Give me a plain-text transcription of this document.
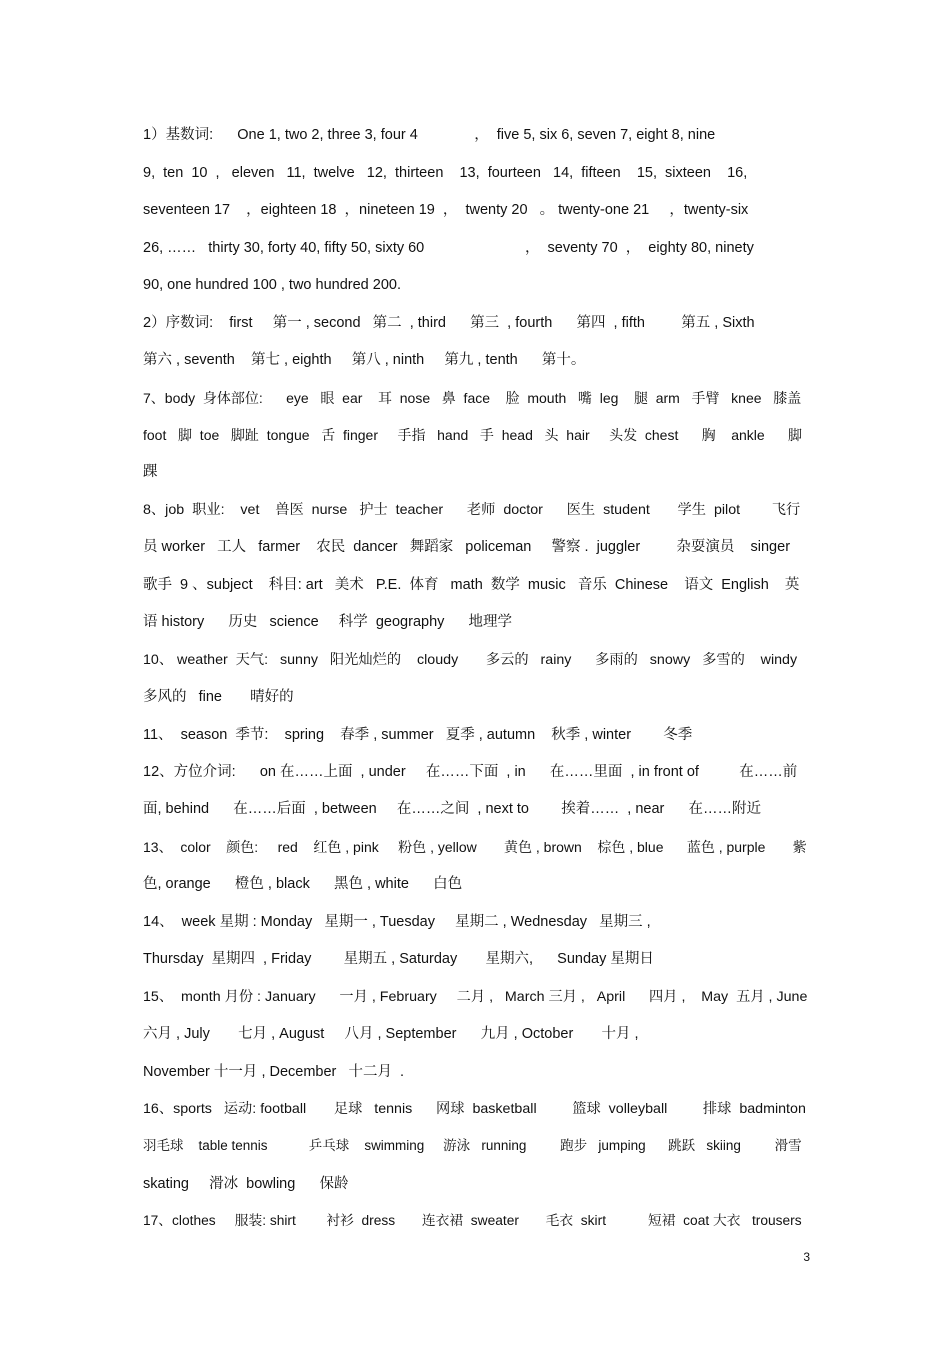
1）基数词:      One 1, two 2, three 3, four 4              ，  five 5, six 6, seven 7, eight 8, nine
9,  ten  10  ,   eleven   11,  twelve   12,  thirteen    13,  fourteen   14,  fifteen    15,  sixteen    16,
seventeen 17    ，eighteen 18  ，nineteen 19  ，  twenty 20   。 twenty-one 21     ，twenty-six
26, ……   thirty 30, forty 40, fifty 50, sixty 60                         ，  seventy 70  ，  eighty 80, ninety
90, one hundred 100 , two hundred 200.
2）序数词:    first     第一 , second   第二  , third      第三  , fourth      第四  , fifth         第五 , Sixth
第六 , seventh    第七 , eighth     第八 , ninth     第九 , tenth      第十。
7、body  身体部位:      eye   眼  ear    耳  nose   鼻  face    脸  mouth   嘴  leg    腿  arm   手臂   knee   膝盖
foot   脚  toe   脚趾  tongue   舌  finger     手指   hand   手  head   头  hair     头发  chest      胸    ankle      脚
踝
8、job  职业:    vet    兽医  nurse   护士  teacher      老师  doctor      医生  student       学生  pilot        飞行
员 worker   工人   farmer    农民  dancer   舞蹈家   policeman     警察 .  juggler         杂耍演员    singer
歌手  9 、subject    科目: art   美术   P.E.  体育   math  数学  music   音乐  Chinese    语文  English    英
语 history      历史   science     科学  geography      地理学
10、 weather  天气:   sunny   阳光灿烂的    cloudy       多云的   rainy      多雨的   snowy   多雪的    windy
多风的   fine       晴好的
11、  season  季节:    spring    春季 , summer   夏季 , autumn    秋季 , winter        冬季
12、方位介词:      on 在……上面  , under     在……下面  , in      在……里面  , in front of          在……前
面, behind      在……后面  , between     在……之间  , next to        挨着……  , near      在……附近
13、  color    颜色:     red    红色 , pink     粉色 , yellow       黄色 , brown    棕色 , blue      蓝色 , purple       紫
色, orange      橙色 , black      黑色 , white      白色
14、  week 星期 : Monday   星期一 , Tuesday     星期二 , Wednesday   星期三 ,
Thursday  星期四  , Friday        星期五 , Saturday       星期六,      Sunday 星期日
15、  month 月份 : January      一月 , February     二月 ,   March 三月 ,   April      四月 ,    May  五月 , June
六月 , July       七月 , August     八月 , September      九月 , October       十月 ,
November 十一月 , December   十二月  .
16、sports   运动: football       足球   tennis      网球  basketball         篮球  volleyball         排球  badminton
羽毛球    table tennis           乒乓球    swimming     游泳   running         跑步   jumping      跳跃   skiing         滑雪
skating     滑冰  bowling      保龄
17、clothes     服装: shirt        衬衫  dress       连衣裙  sweater       毛衣  skirt           短裙  coat 大衣   trousers
3
